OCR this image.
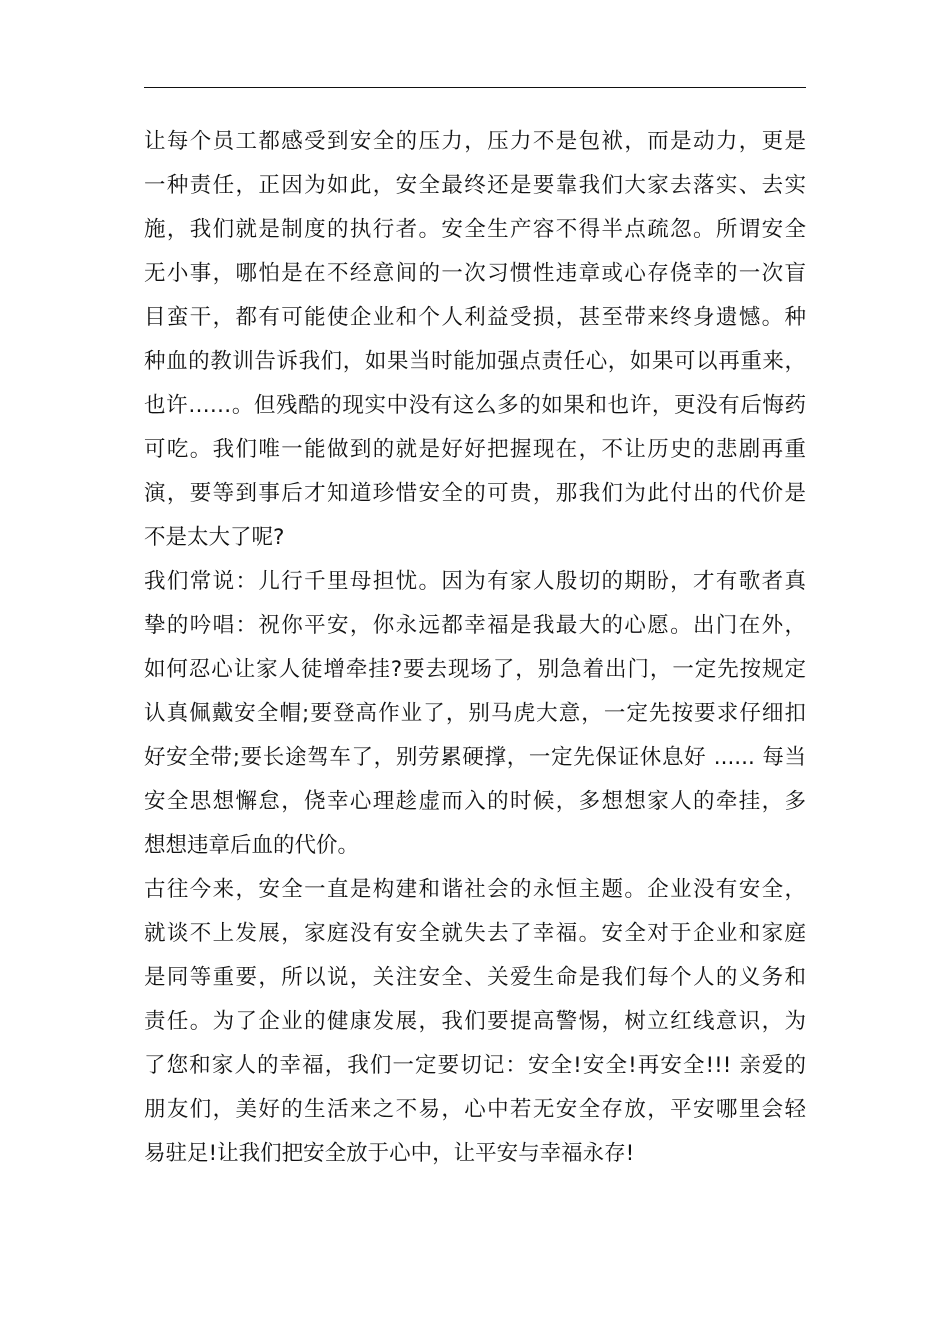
让每个员工都感受到安全的压力，压力不是包袱，而是动力，更是
一种责任，正因为如此，安全最终还是要靠我们大家去落实、去实
施，我们就是制度的执行者。安全生产容不得半点疏忽。所谓安全
无小事，哪怕是在不经意间的一次习惯性违章或心存侥幸的一次盲
目蛮干，都有可能使企业和个人利益受损，甚至带来终身遗憾。种
种血的教训告诉我们，如果当时能加强点责任心，如果可以再重来，
也许……。但残酷的现实中没有这么多的如果和也许，更没有后悔药
可吃。我们唯一能做到的就是好好把握现在，不让历史的悲剧再重
演，要等到事后才知道珍惜安全的可贵，那我们为此付出的代价是
不是太大了呢?
我们常说：儿行千里母担忧。因为有家人殷切的期盼，才有歌者真
挚的吟唱：祝你平安，你永远都幸福是我最大的心愿。出门在外，
如何忍心让家人徒增牵挂?要去现场了，别急着出门，一定先按规定
认真佩戴安全帽;要登高作业了，别马虎大意，一定先按要求仔细扣
好安全带;要长途驾车了，别劳累硬撑，一定先保证休息好 ...... 每当
安全思想懈怠，侥幸心理趁虚而入的时候，多想想家人的牵挂，多
想想违章后血的代价。
古往今来，安全一直是构建和谐社会的永恒主题。企业没有安全，
就谈不上发展，家庭没有安全就失去了幸福。安全对于企业和家庭
是同等重要，所以说，关注安全、关爱生命是我们每个人的义务和
责任。为了企业的健康发展，我们要提高警惕，树立红线意识，为
了您和家人的幸福，我们一定要切记：安全!安全!再安全!!! 亲爱的
朋友们，美好的生活来之不易，心中若无安全存放，平安哪里会轻
易驻足!让我们把安全放于心中，让平安与幸福永存!
